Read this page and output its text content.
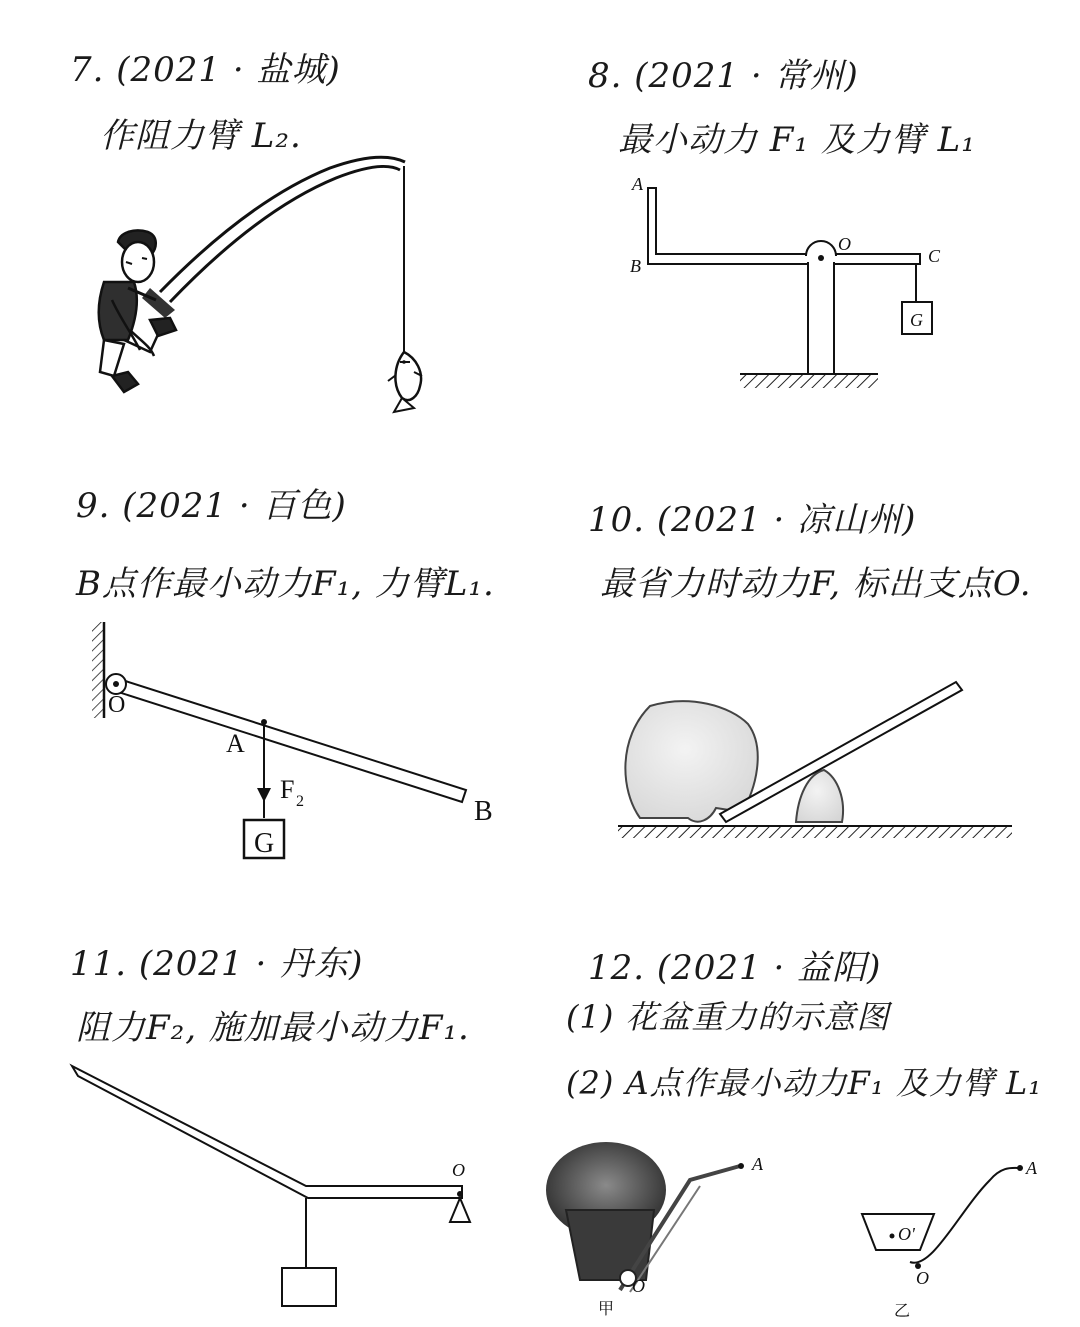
7. (2021 · 盐城)
作阻力臂 L₂.
8. (2021 · 常州)
最小动力 F₁ 及力臂 L₁
9. (2021 · 百色)
B点作最小动力F₁, 力臂L₁.
10. (2021 · 凉山州)
最省力时动力F, 标出支点O.
11. (2021 · 丹东)
阻力F₂, 施加最小动力F₁.
12. (2021 · 益阳)
(1) 花盆重力的示意图
(2) A点作最小动力F₁ 及力臂 L₁
G
A
B
O
C
G
O
A
F 2	B
O	A
O
甲
O'
A
O
乙
